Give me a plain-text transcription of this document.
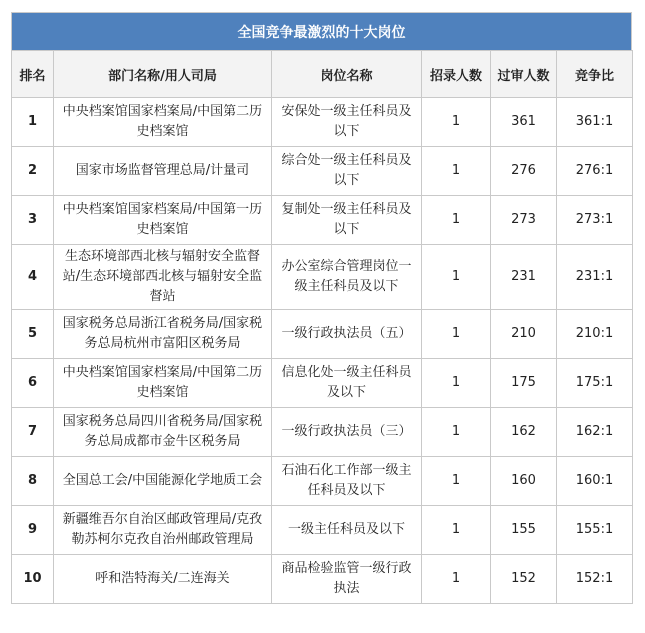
全国竞争最激烈的十大岗位
排名	部门名称/用人司局	岗位名称	招录人数	过审人数	竞争比
1	中央档案馆国家档案局/中国第二历史档案馆	安保处一级主任科员及以下	1	361	361:1
2	国家市场监督管理总局/计量司	综合处一级主任科员及以下	1	276	276:1
3	中央档案馆国家档案局/中国第一历史档案馆	复制处一级主任科员及以下	1	273	273:1
4	生态环境部西北核与辐射安全监督站/生态环境部西北核与辐射安全监督站	办公室综合管理岗位一级主任科员及以下	1	231	231:1
5	国家税务总局浙江省税务局/国家税务总局杭州市富阳区税务局	一级行政执法员（五）	1	210	210:1
6	中央档案馆国家档案局/中国第二历史档案馆	信息化处一级主任科员及以下	1	175	175:1
7	国家税务总局四川省税务局/国家税务总局成都市金牛区税务局	一级行政执法员（三）	1	162	162:1
8	全国总工会/中国能源化学地质工会	石油石化工作部一级主任科员及以下	1	160	160:1
9	新疆维吾尔自治区邮政管理局/克孜勒苏柯尔克孜自治州邮政管理局	一级主任科员及以下	1	155	155:1
10	呼和浩特海关/二连海关	商品检验监管一级行政执法	1	152	152:1
